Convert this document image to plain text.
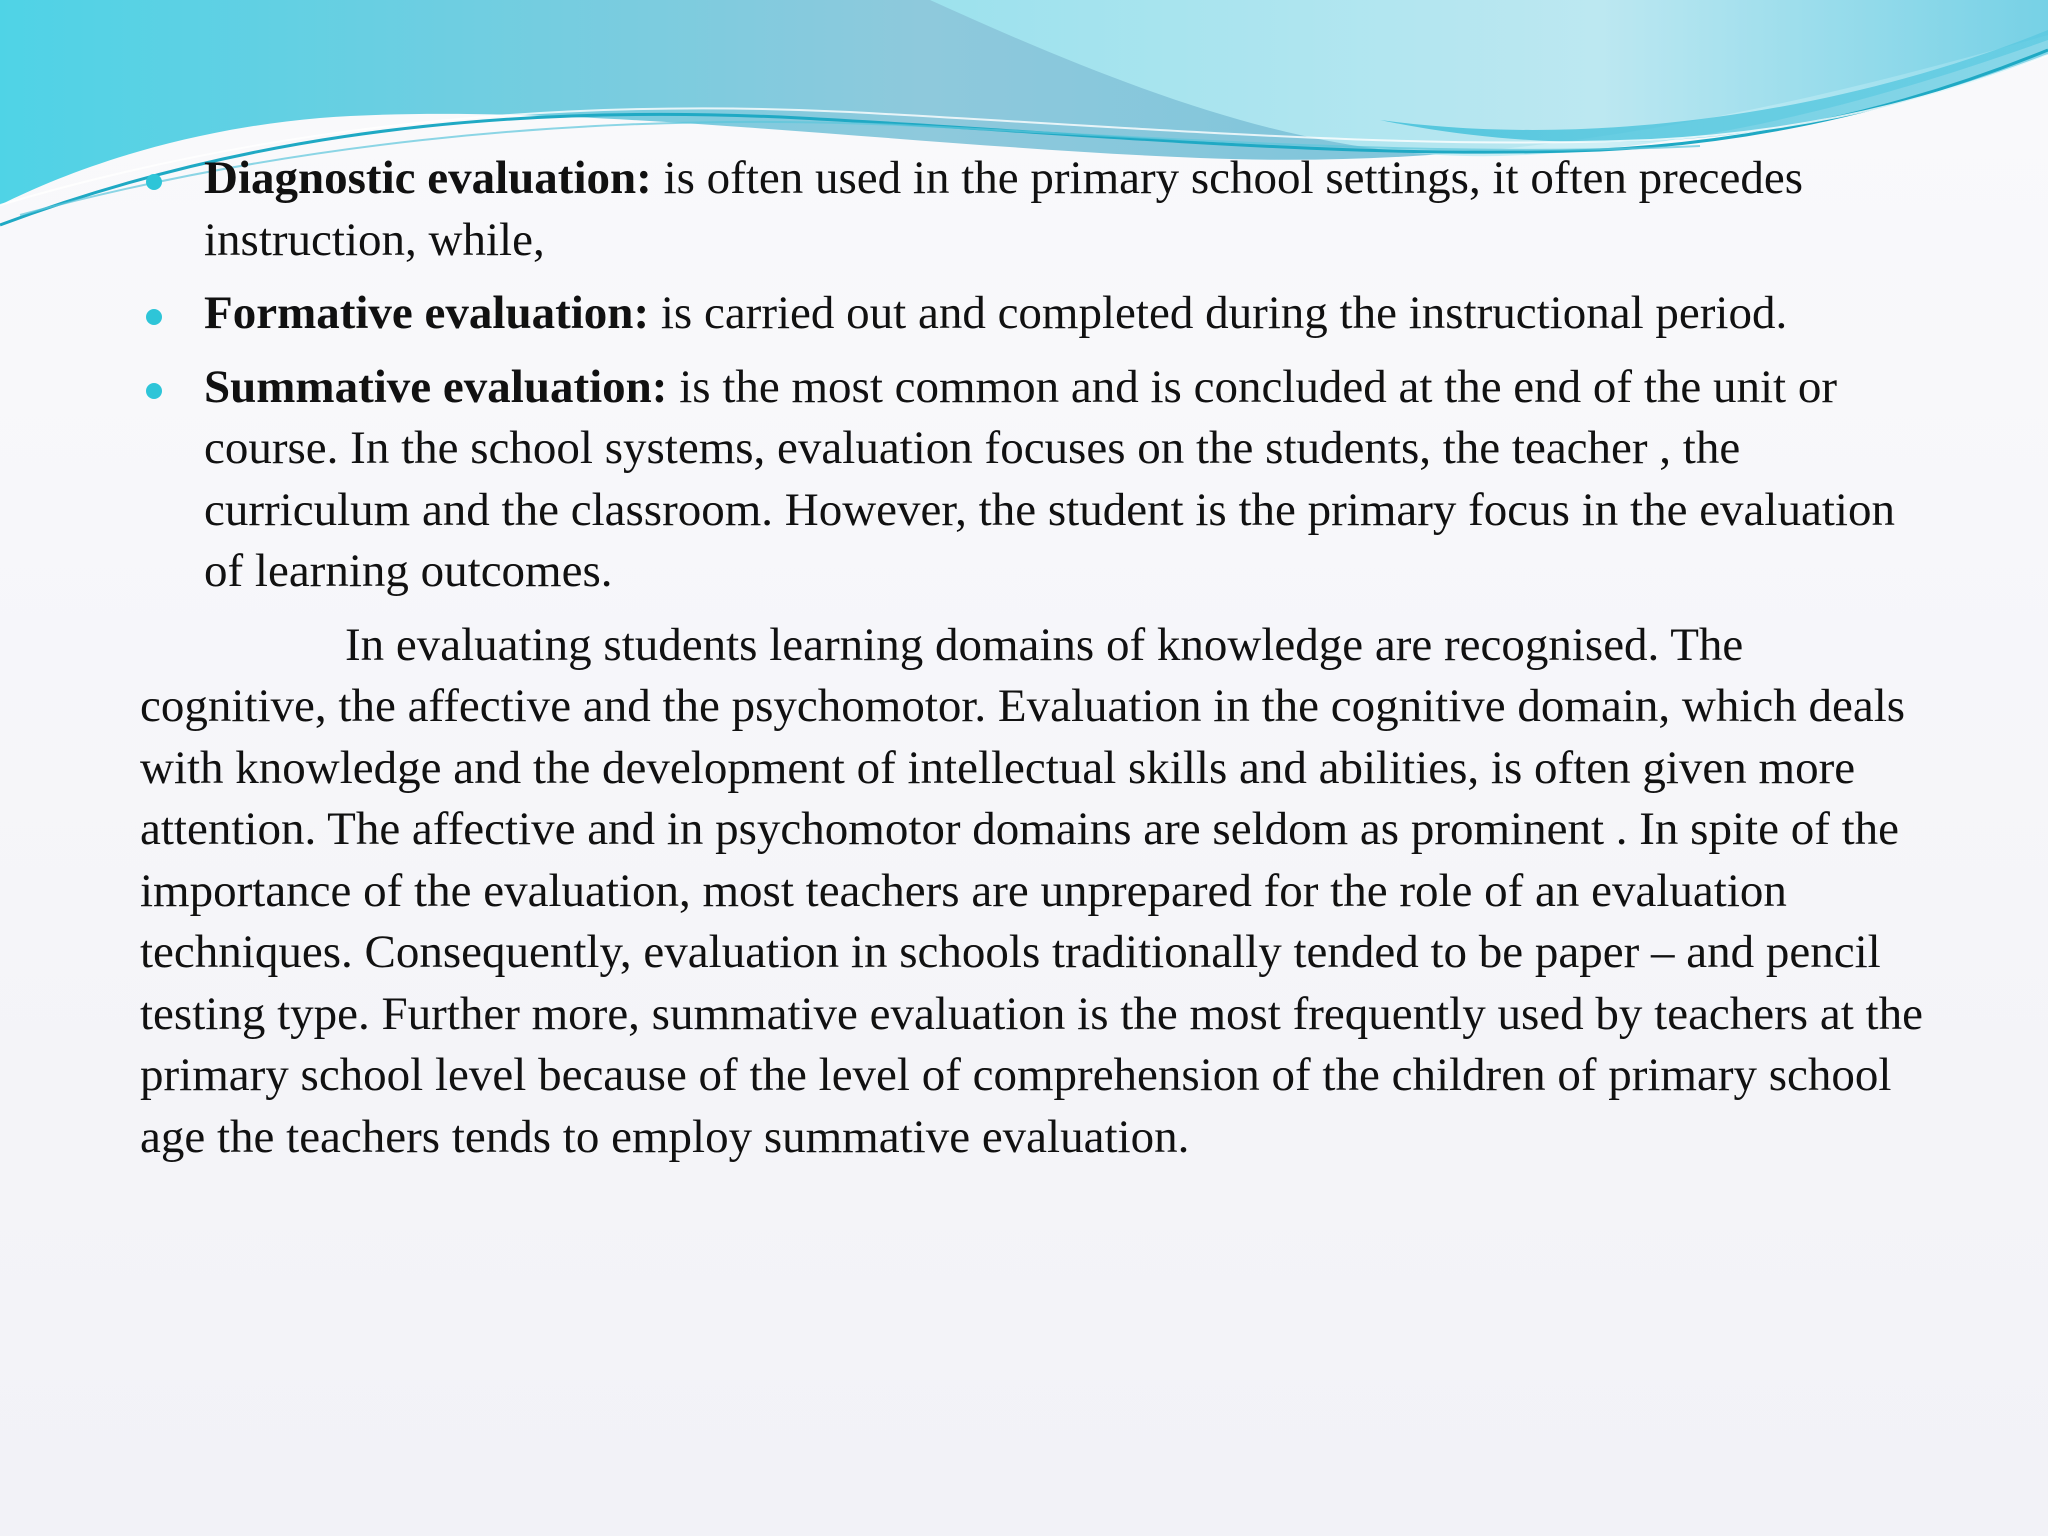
Diagnostic evaluation: is often used in the primary school settings, it often precedes instruction, while,
Formative evaluation: is carried out and completed during the instructional period.
Summative evaluation: is the most common and is concluded at the end of the unit or course. In the school systems, evaluation focuses on the students, the teacher , the curriculum and the classroom. However, the student is the primary focus in the evaluation of learning outcomes.

In evaluating students learning domains of knowledge are recognised. The cognitive, the affective and the psychomotor. Evaluation in the cognitive domain, which deals with knowledge and the development of intellectual skills and abilities, is often given more attention. The affective and in psychomotor domains are seldom as prominent . In spite of the importance of the evaluation, most teachers are unprepared for the role of an evaluation techniques. Consequently, evaluation in schools traditionally tended to be paper – and pencil testing type. Further more, summative evaluation is the most frequently used by teachers at the primary school level because of the level of comprehension of the children of primary school age the teachers tends to employ summative evaluation.
